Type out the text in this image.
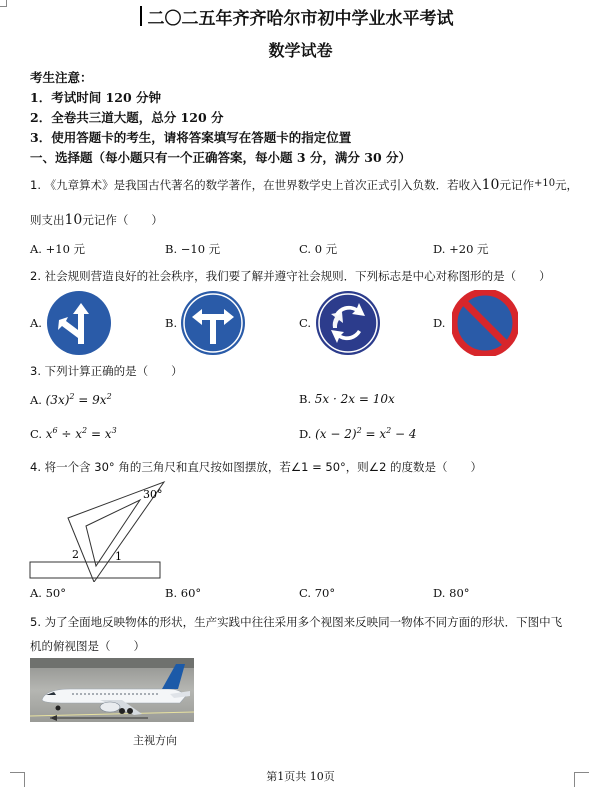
二〇二五年齐齐哈尔市初中学业水平考试
数学试卷
考生注意：
1．考试时间 120 分钟
2．全卷共三道大题，总分 120 分
3．使用答题卡的考生，请将答案填写在答题卡的指定位置
一、选择题（每小题只有一个正确答案，每小题 3 分，满分 30 分）
1. 《九章算术》是我国古代著名的数学著作，在世界数学史上首次正式引入负数．若收入10元记作+10元，
则支出10元记作（　　）
A. +10 元	B. −10 元	C. 0 元	D. +20 元
2. 社会规则营造良好的社会秩序，我们要了解并遵守社会规则．下列标志是中心对称图形的是（　　）
A.	B.	C.	D.
3. 下列计算正确的是（　　）
A. $(3x)^2 = 9x^2$	B. 5x · 2x = 10x
C. $x^6 \div x^2 = x^3$	D. $(x - 2)^2 = x^2 - 4$
4. 将一个含 30° 角的三角尺和直尺按如图摆放，若∠1 = 50°，则∠2 的度数是（　　）
30°
1
2
A. 50°	B. 60°	C. 70°	D. 80°
5. 为了全面地反映物体的形状，生产实践中往往采用多个视图来反映同一物体不同方面的形状．下图中飞
机的俯视图是（　　）
主视方向
第1页共 10页
